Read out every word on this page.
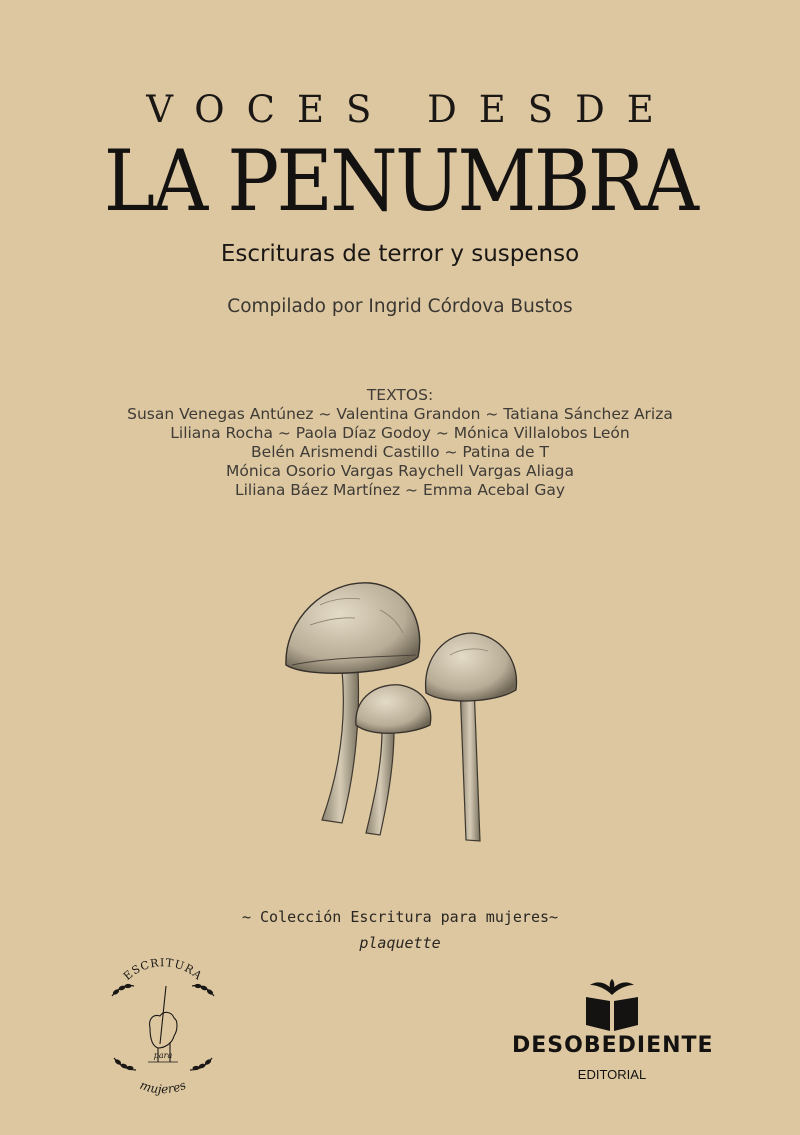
VOCES DESDE
LA PENUMBRA
Escrituras de terror y suspenso
Compilado por Ingrid Córdova Bustos
TEXTOS:
Susan Venegas Antúnez ~ Valentina Grandon ~ Tatiana Sánchez Ariza
Liliana Rocha ~ Paola Díaz Godoy ~ Mónica Villalobos León
Belén Arismendi Castillo ~ Patina de T
Mónica Osorio Vargas Raychell Vargas Aliaga
Liliana Báez Martínez ~ Emma Acebal Gay
~ Colección Escritura para mujeres~
plaquette
ESCRITURA
para
mujeres
DESOBEDIENTE
EDITORIAL
